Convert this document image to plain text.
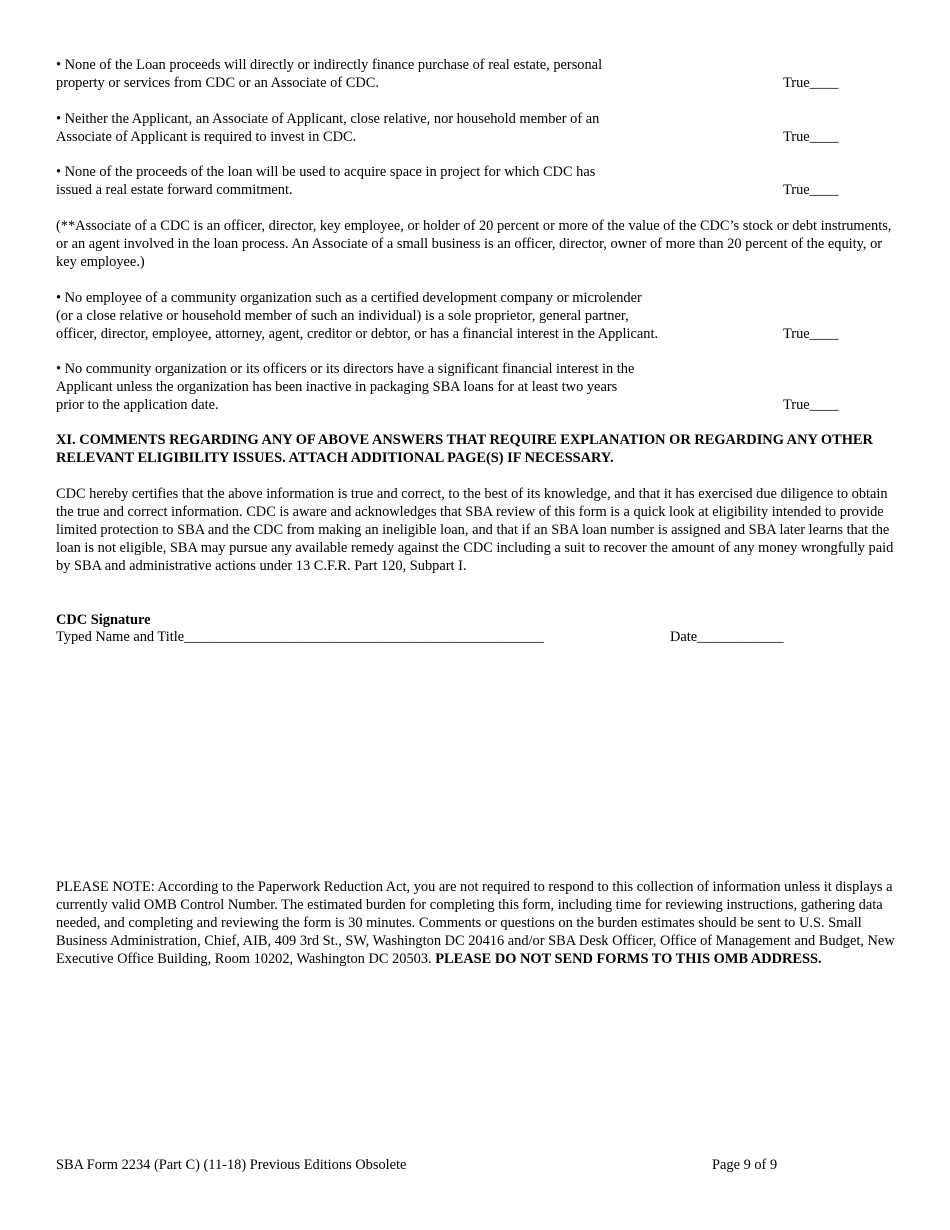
• None of the Loan proceeds will directly or indirectly finance purchase of real estate, personal
property or services from CDC or an Associate of CDC.	True____
• Neither the Applicant, an Associate of Applicant, close relative, nor household member of an
Associate of Applicant is required to invest in CDC.	True____
• None of the proceeds of the loan will be used to acquire space in project for which CDC has
issued a real estate forward commitment.	True____
(**Associate of a CDC is an officer, director, key employee, or holder of 20 percent or more of the value of the CDC’s stock or debt instruments, or an agent involved in the loan process. An Associate of a small business is an officer, director, owner of more than 20 percent of the equity, or key employee.)
• No employee of a community organization such as a certified development company or microlender
(or a close relative or household member of such an individual) is a sole proprietor, general partner,
officer, director, employee, attorney, agent, creditor or debtor, or has a financial interest in the Applicant.	True____
• No community organization or its officers or its directors have a significant financial interest in the
Applicant unless the organization has been inactive in packaging SBA loans for at least two years
prior to the application date.	True____
XI. COMMENTS REGARDING ANY OF ABOVE ANSWERS THAT REQUIRE EXPLANATION OR REGARDING ANY OTHER RELEVANT ELIGIBILITY ISSUES. ATTACH ADDITIONAL PAGE(S) IF NECESSARY.
CDC hereby certifies that the above information is true and correct, to the best of its knowledge, and that it has exercised due diligence to obtain the true and correct information. CDC is aware and acknowledges that SBA review of this form is a quick look at eligibility intended to provide limited protection to SBA and the CDC from making an ineligible loan, and that if an SBA loan number is assigned and SBA later learns that the loan is not eligible, SBA may pursue any available remedy against the CDC including a suit to recover the amount of any money wrongfully paid by SBA and administrative actions under 13 C.F.R. Part 120, Subpart I.
CDC Signature
Typed Name and Title__________________________________________________	Date____________
PLEASE NOTE: According to the Paperwork Reduction Act, you are not required to respond to this collection of information unless it displays a currently valid OMB Control Number. The estimated burden for completing this form, including time for reviewing instructions, gathering data needed, and completing and reviewing the form is 30 minutes. Comments or questions on the burden estimates should be sent to U.S. Small Business Administration, Chief, AIB, 409 3rd St., SW, Washington DC 20416 and/or SBA Desk Officer, Office of Management and Budget, New Executive Office Building, Room 10202, Washington DC 20503. PLEASE DO NOT SEND FORMS TO THIS OMB ADDRESS.
SBA Form 2234 (Part C) (11-18) Previous Editions Obsolete	Page 9 of 9
